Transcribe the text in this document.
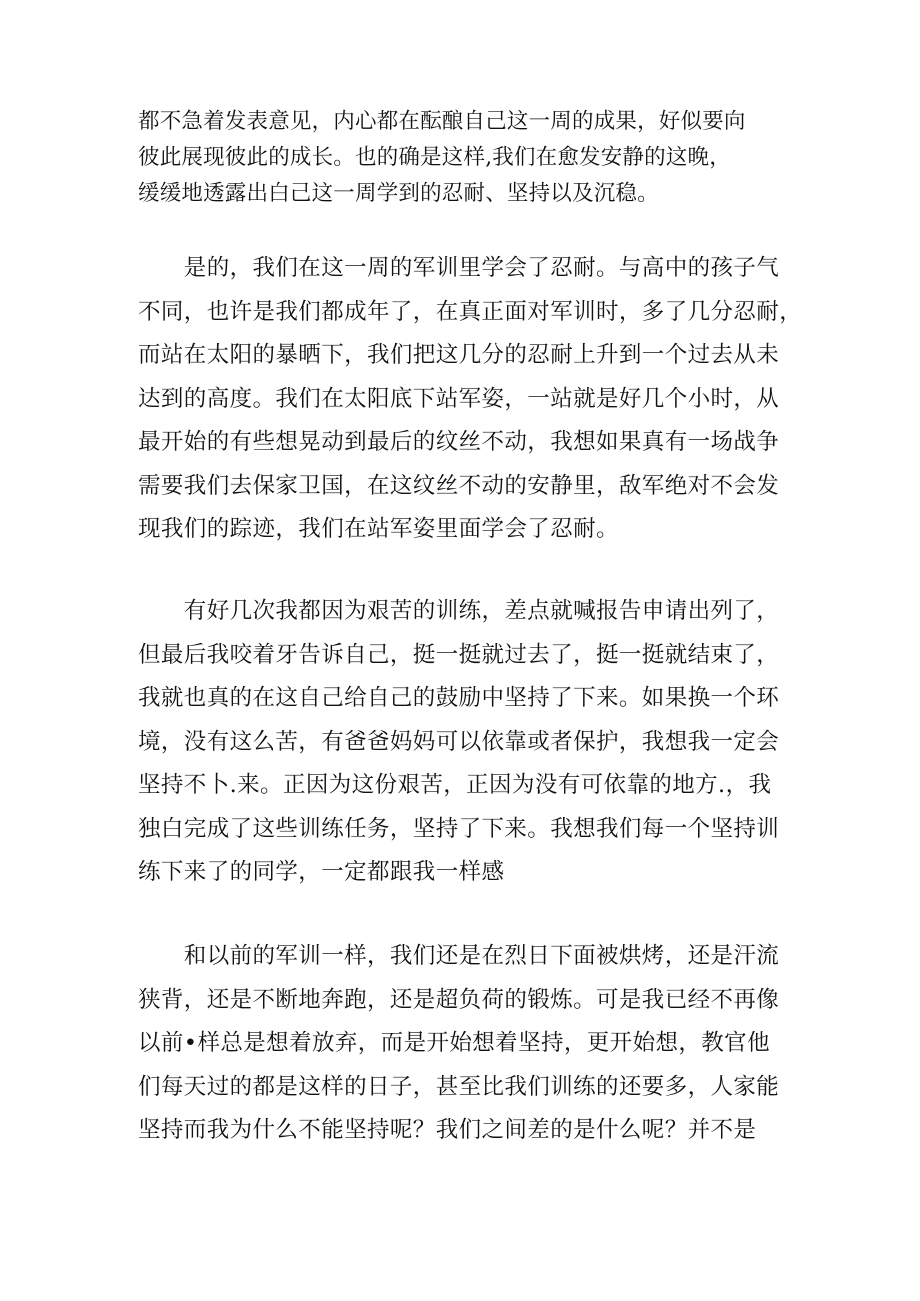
都不急着发表意见，内心都在酝酿自己这一周的成果，好似要向
彼此展现彼此的成长。也的确是这样,我们在愈发安静的这晚，
缓缓地透露出白己这一周学到的忍耐、坚持以及沉稳。

　　是的，我们在这一周的军训里学会了忍耐。与高中的孩子气
不同，也许是我们都成年了，在真正面对军训时，多了几分忍耐，
而站在太阳的暴晒下，我们把这几分的忍耐上升到一个过去从未
达到的高度。我们在太阳底下站军姿，一站就是好几个小时，从
最开始的有些想晃动到最后的纹丝不动，我想如果真有一场战争
需要我们去保家卫国，在这纹丝不动的安静里，敌军绝对不会发
现我们的踪迹，我们在站军姿里面学会了忍耐。

　　有好几次我都因为艰苦的训练，差点就喊报告申请出列了，
但最后我咬着牙告诉自己，挺一挺就过去了，挺一挺就结束了，
我就也真的在这自己给自己的鼓励中坚持了下来。如果换一个环
境，没有这么苦，有爸爸妈妈可以依靠或者保护，我想我一定会
坚持不卜.来。正因为这份艰苦，正因为没有可依靠的地方.，我
独白完成了这些训练任务，坚持了下来。我想我们每一个坚持训
练下来了的同学，一定都跟我一样感

　　和以前的军训一样，我们还是在烈日下面被烘烤，还是汗流
狭背，还是不断地奔跑，还是超负荷的锻炼。可是我已经不再像
以前•样总是想着放弃，而是开始想着坚持，更开始想，教官他
们每天过的都是这样的日子，甚至比我们训练的还要多，人家能
坚持而我为什么不能坚持呢？我们之间差的是什么呢？并不是
